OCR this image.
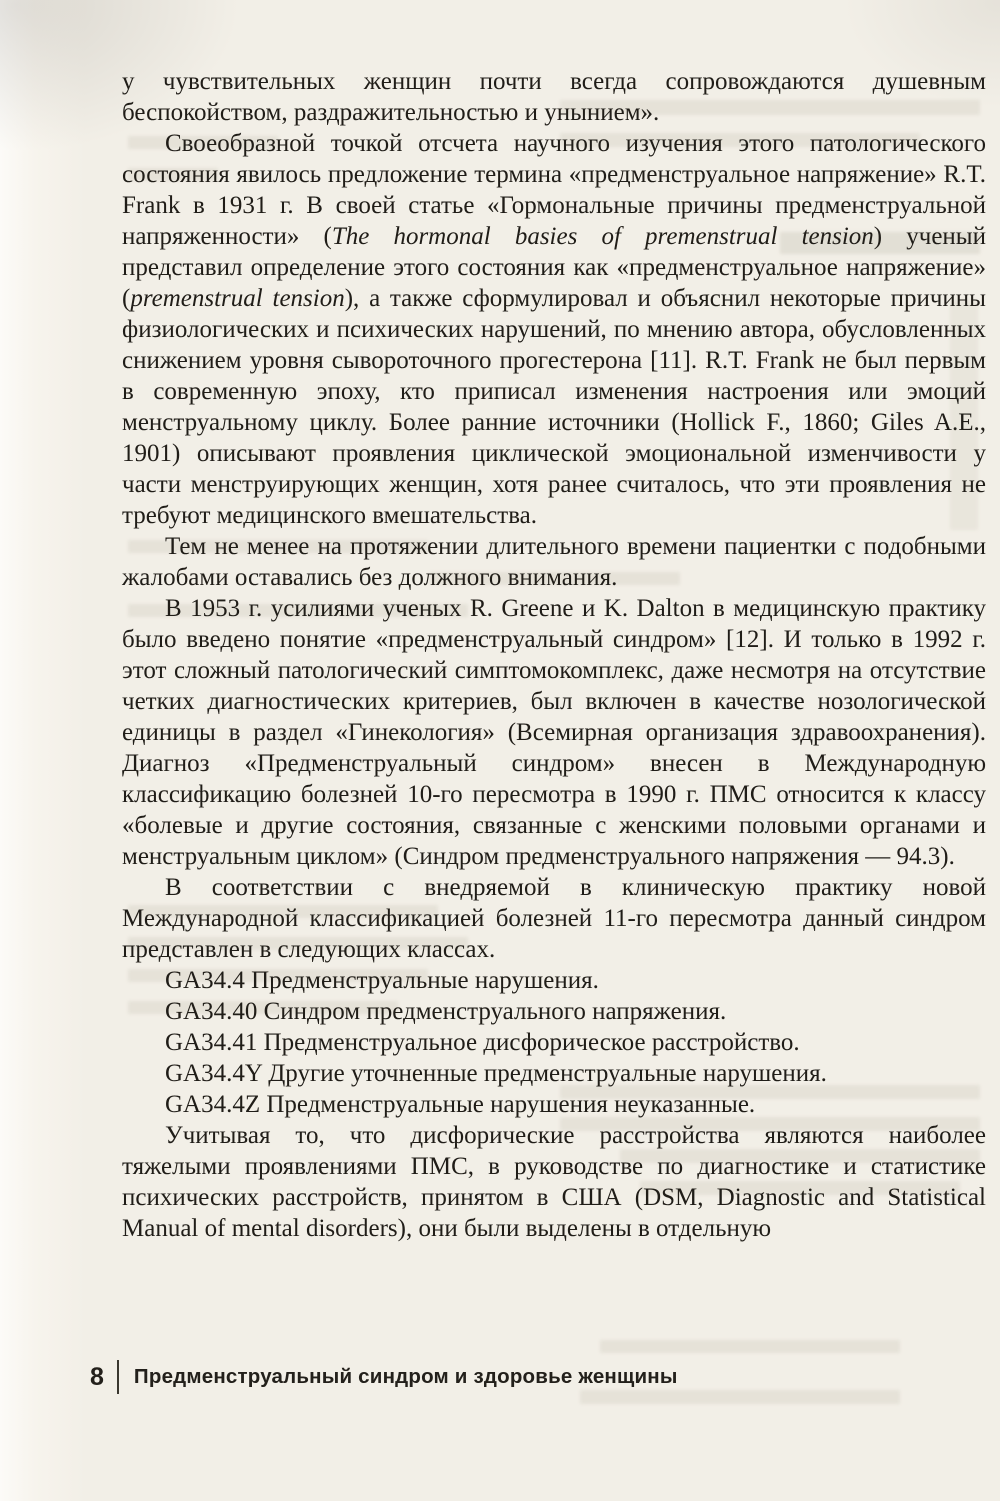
у чувствительных женщин почти всегда сопровождаются душевным беспокойством, раздражительностью и унынием».

Своеобразной точкой отсчета научного изучения этого патологического состояния явилось предложение термина «предменструальное напряжение» R.T. Frank в 1931 г. В своей статье «Гормональные причины предменструальной напряженности» (The hormonal basies of premenstrual tension) ученый представил определение этого состояния как «предменструальное напряжение» (premenstrual tension), а также сформулировал и объяснил некоторые причины физиологических и психических нарушений, по мнению автора, обусловленных снижением уровня сывороточного прогестерона [11]. R.T. Frank не был первым в современную эпоху, кто приписал изменения настроения или эмоций менструальному циклу. Более ранние источники (Hollick F., 1860; Giles A.E., 1901) описывают проявления циклической эмоциональной изменчивости у части менструирующих женщин, хотя ранее считалось, что эти проявления не требуют медицинского вмешательства.

Тем не менее на протяжении длительного времени пациентки с подобными жалобами оставались без должного внимания.

В 1953 г. усилиями ученых R. Greene и K. Dalton в медицинскую практику было введено понятие «предменструальный синдром» [12]. И только в 1992 г. этот сложный патологический симптомокомплекс, даже несмотря на отсутствие четких диагностических критериев, был включен в качестве нозологической единицы в раздел «Гинекология» (Всемирная организация здравоохранения). Диагноз «Предменструальный синдром» внесен в Международную классификацию болезней 10-го пересмотра в 1990 г. ПМС относится к классу «болевые и другие состояния, связанные с женскими половыми органами и менструальным циклом» (Синдром предменструального напряжения — 94.3).

В соответствии с внедряемой в клиническую практику новой Международной классификацией болезней 11-го пересмотра данный синдром представлен в следующих классах.

GA34.4 Предменструальные нарушения.

GA34.40 Синдром предменструального напряжения.

GA34.41 Предменструальное дисфорическое расстройство.

GA34.4Y Другие уточненные предменструальные нарушения.

GA34.4Z Предменструальные нарушения неуказанные.

Учитывая то, что дисфорические расстройства являются наиболее тяжелыми проявлениями ПМС, в руководстве по диагностике и статистике психических расстройств, принятом в США (DSM, Diagnostic and Statistical Manual of mental disorders), они были выделены в отдельную

8 Предменструальный синдром и здоровье женщины
